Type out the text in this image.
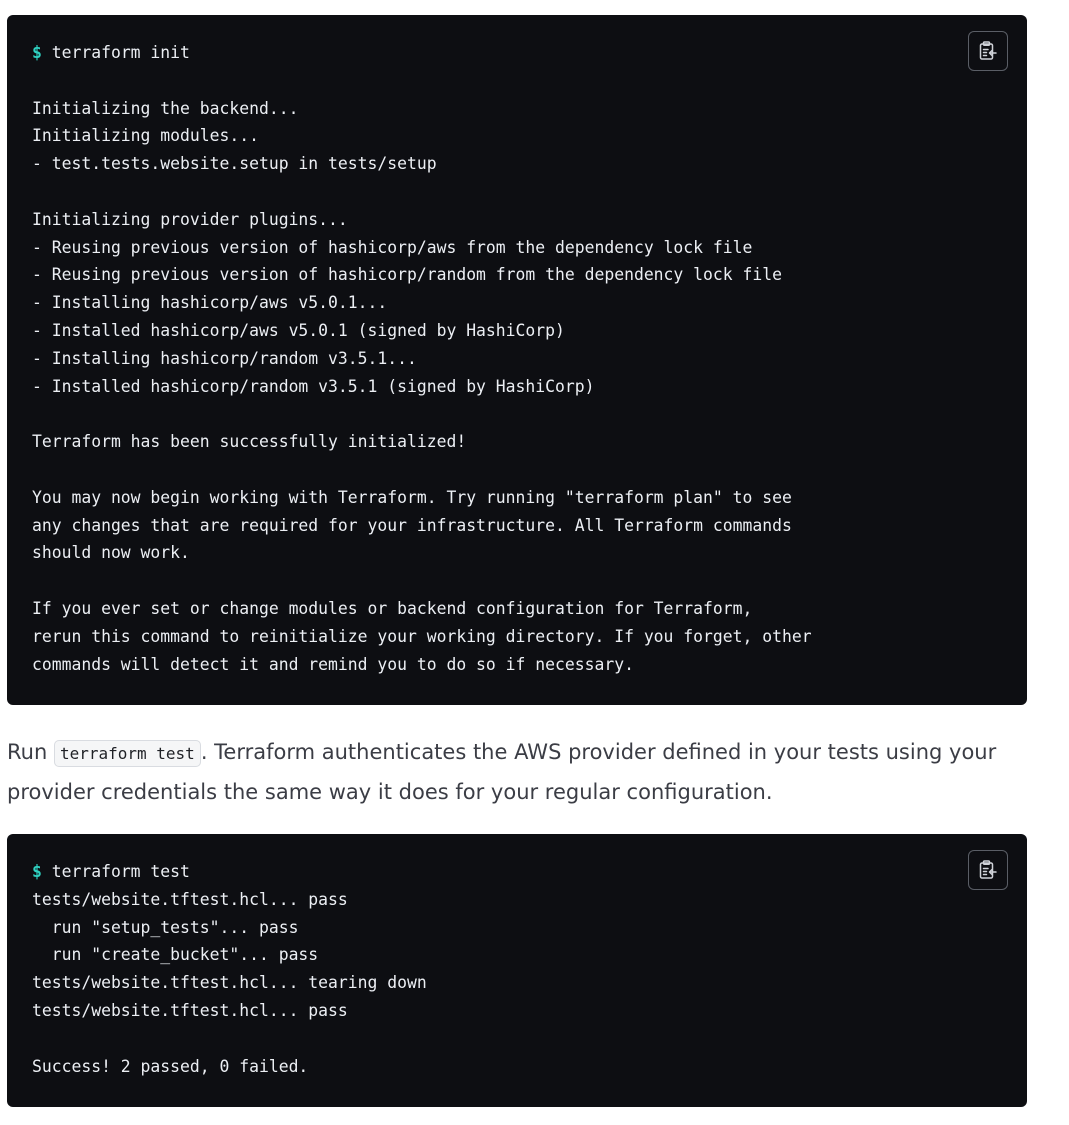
$ terraform init
Initializing the backend...
Initializing modules...
- test.tests.website.setup in tests/setup
Initializing provider plugins...
- Reusing previous version of hashicorp/aws from the dependency lock file
- Reusing previous version of hashicorp/random from the dependency lock file
- Installing hashicorp/aws v5.0.1...
- Installed hashicorp/aws v5.0.1 (signed by HashiCorp)
- Installing hashicorp/random v3.5.1...
- Installed hashicorp/random v3.5.1 (signed by HashiCorp)
Terraform has been successfully initialized!
You may now begin working with Terraform. Try running "terraform plan" to see
any changes that are required for your infrastructure. All Terraform commands
should now work.
If you ever set or change modules or backend configuration for Terraform,
rerun this command to reinitialize your working directory. If you forget, other
commands will detect it and remind you to do so if necessary.

Run terraform test . Terraform authenticates the AWS provider defined in your tests using your provider credentials the same way it does for your regular configuration.

$ terraform test
tests/website.tftest.hcl... pass
run "setup_tests"... pass
run "create_bucket"... pass
tests/website.tftest.hcl... tearing down
tests/website.tftest.hcl... pass
Success! 2 passed, 0 failed.
